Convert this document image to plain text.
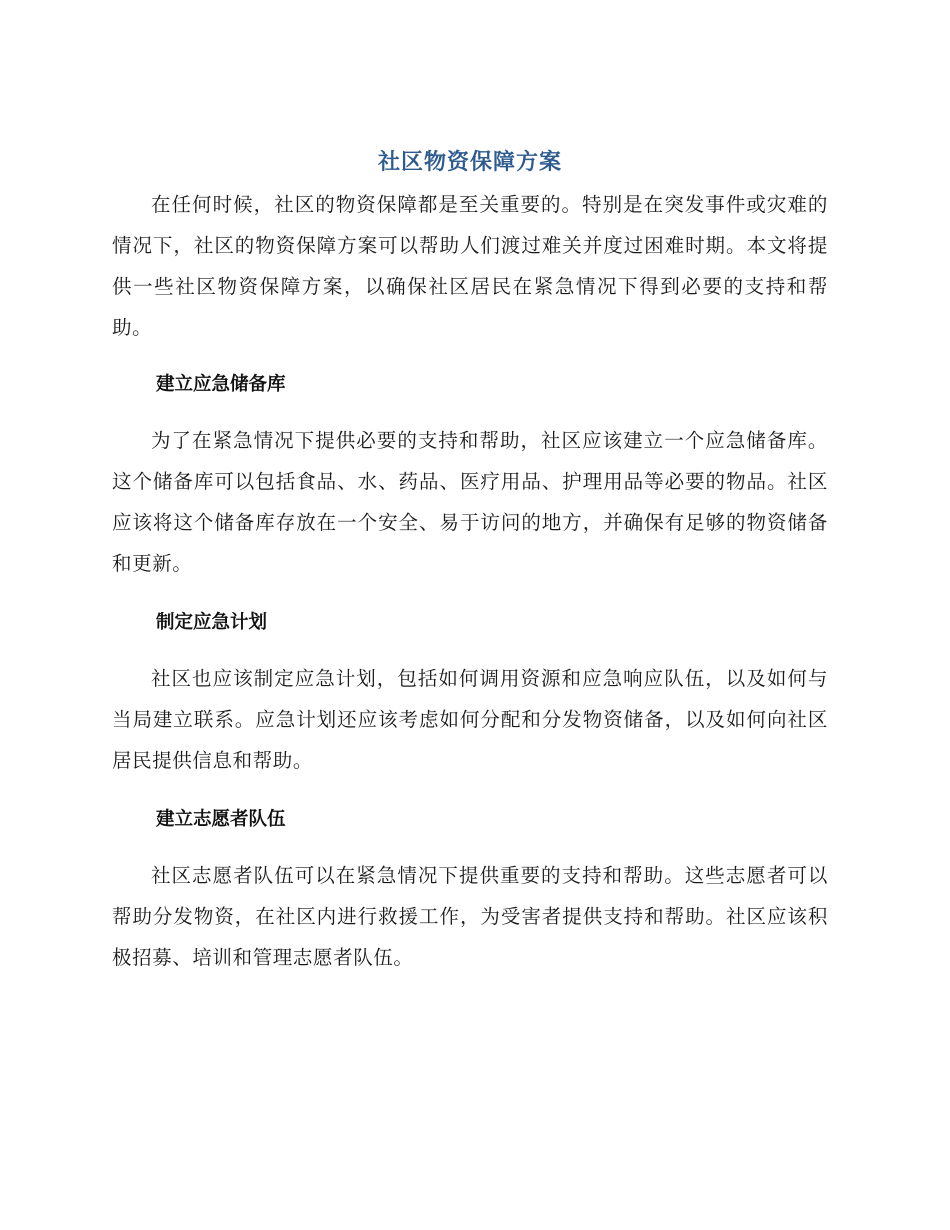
社区物资保障方案

在任何时候，社区的物资保障都是至关重要的。特别是在突发事件或灾难的情况下，社区的物资保障方案可以帮助人们渡过难关并度过困难时期。本文将提供一些社区物资保障方案，以确保社区居民在紧急情况下得到必要的支持和帮助。

建立应急储备库

为了在紧急情况下提供必要的支持和帮助，社区应该建立一个应急储备库。这个储备库可以包括食品、水、药品、医疗用品、护理用品等必要的物品。社区应该将这个储备库存放在一个安全、易于访问的地方，并确保有足够的物资储备和更新。

制定应急计划

社区也应该制定应急计划，包括如何调用资源和应急响应队伍，以及如何与当局建立联系。应急计划还应该考虑如何分配和分发物资储备，以及如何向社区居民提供信息和帮助。

建立志愿者队伍

社区志愿者队伍可以在紧急情况下提供重要的支持和帮助。这些志愿者可以帮助分发物资，在社区内进行救援工作，为受害者提供支持和帮助。社区应该积极招募、培训和管理志愿者队伍。
